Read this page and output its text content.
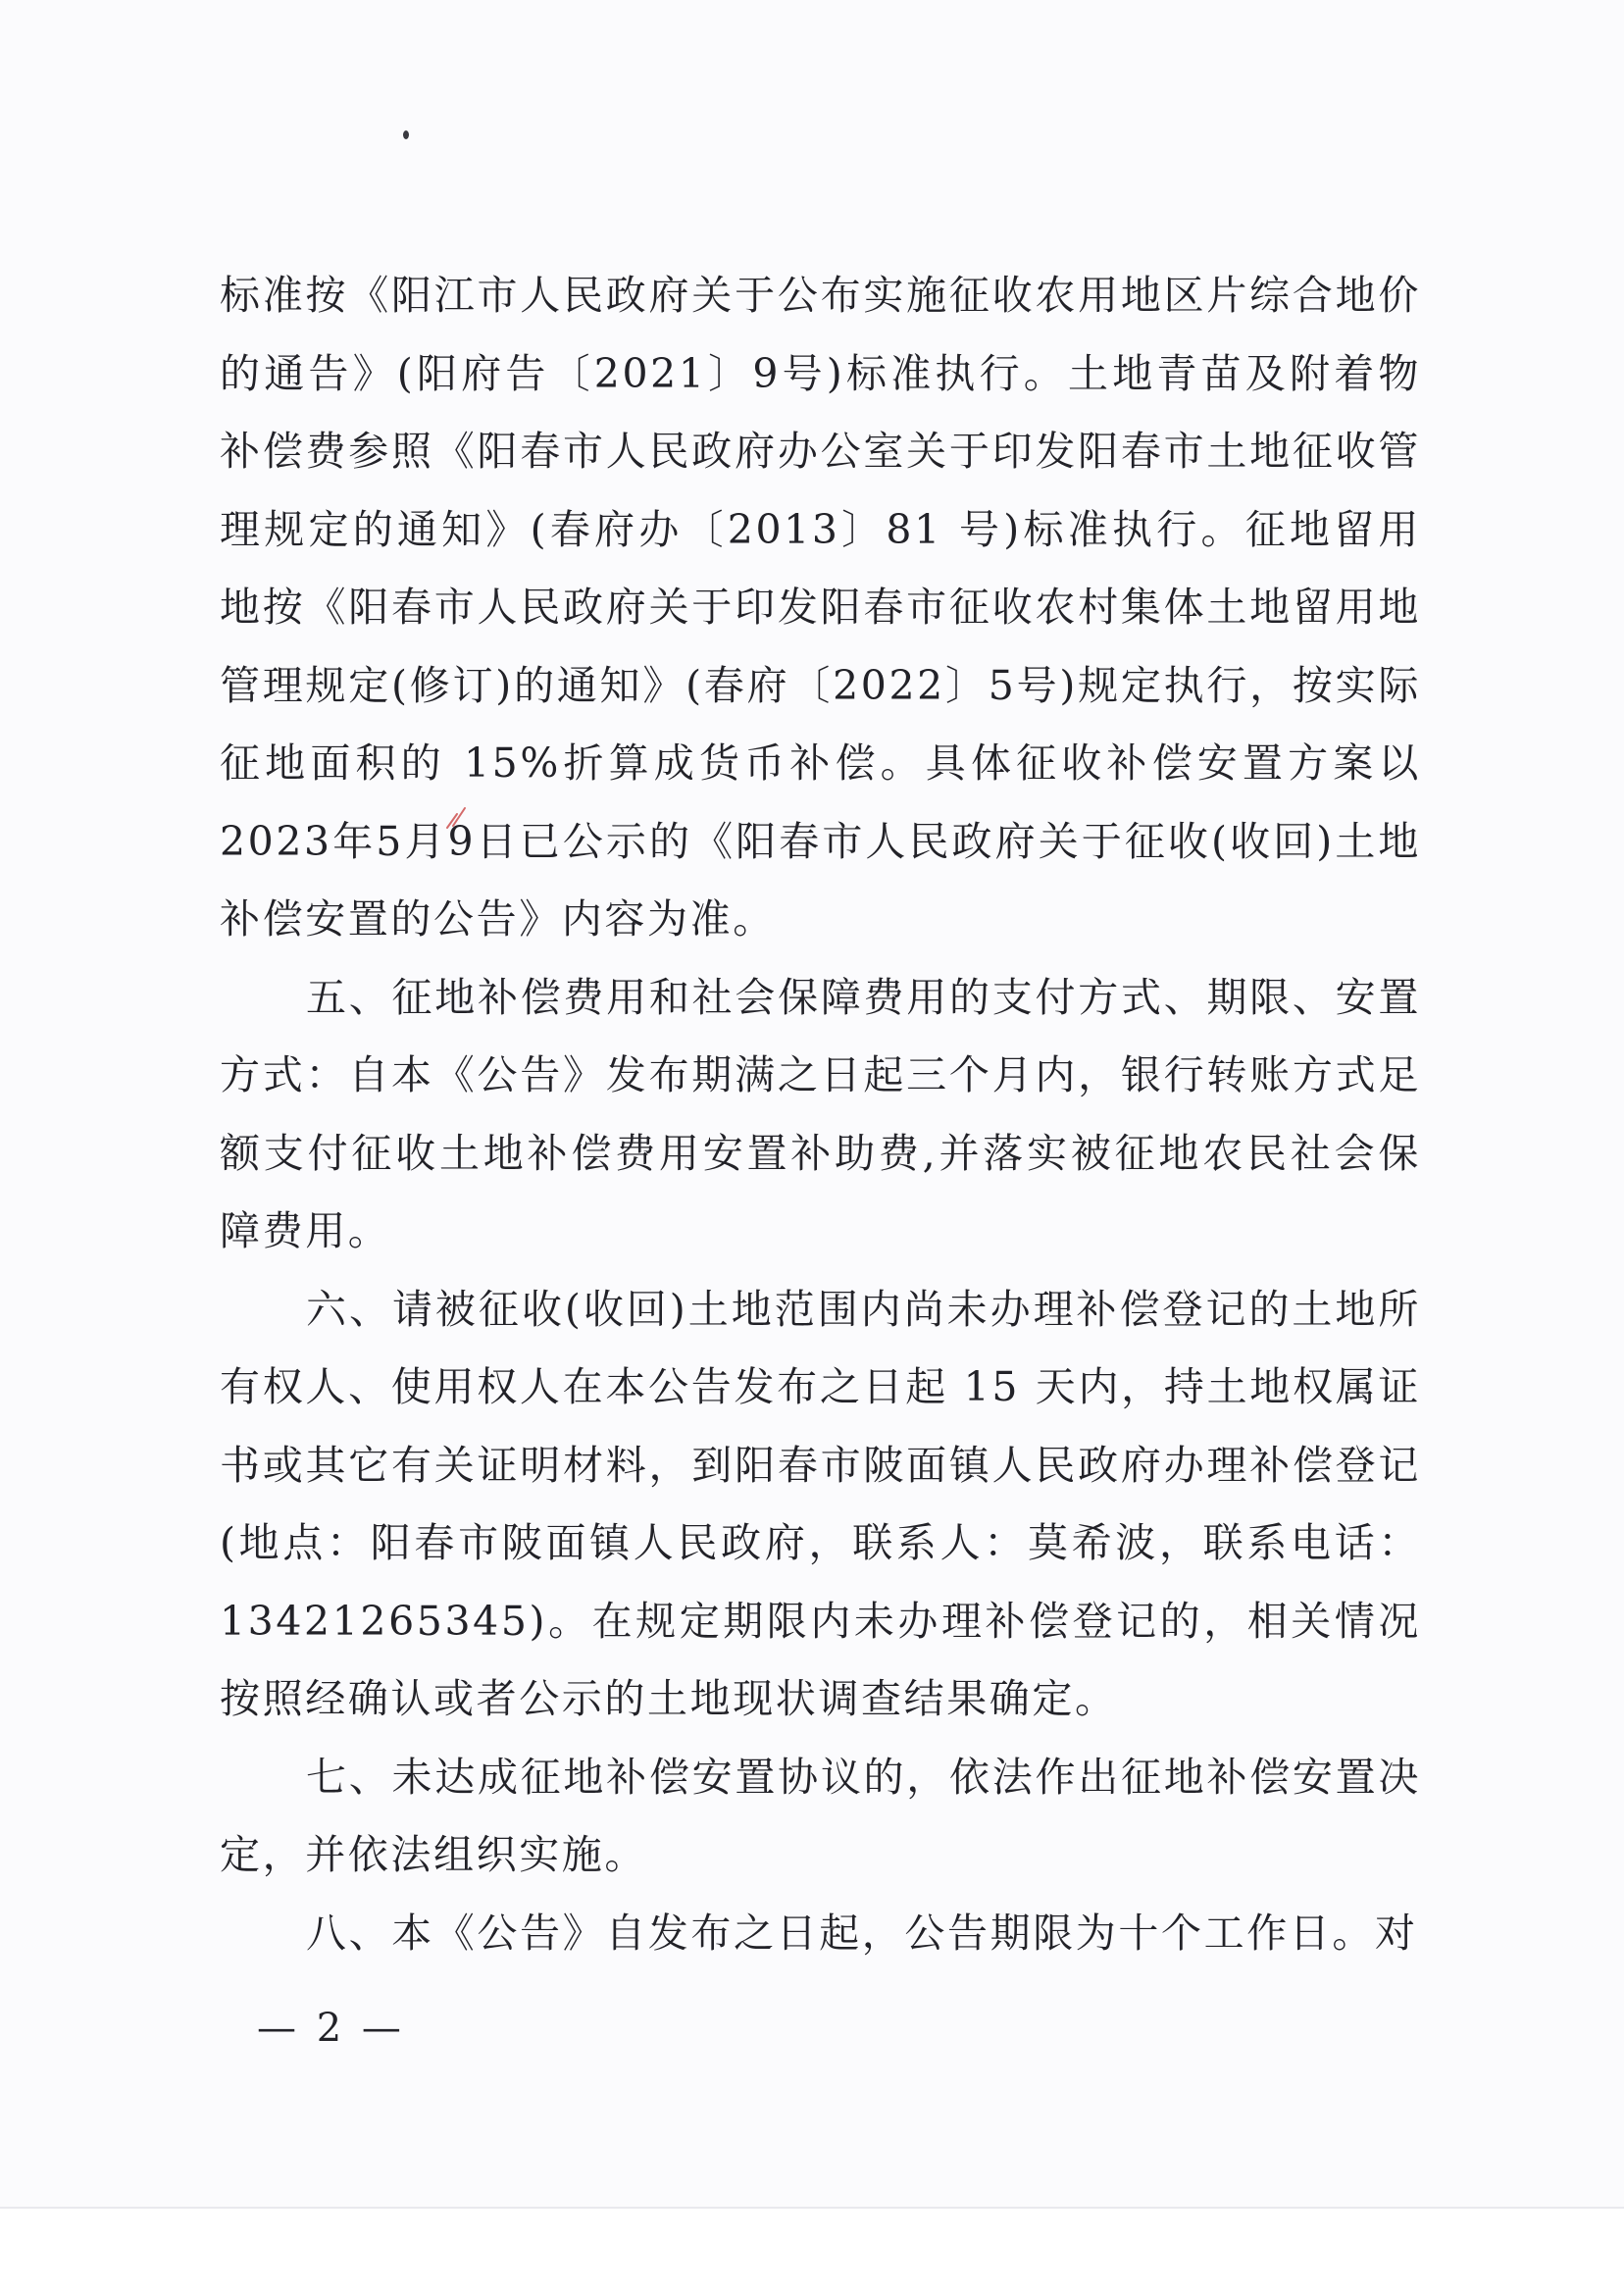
标准按《阳江市人民政府关于公布实施征收农用地区片综合地价的通告》(阳府告〔2021〕9号)标准执行。土地青苗及附着物补偿费参照《阳春市人民政府办公室关于印发阳春市土地征收管理规定的通知》(春府办〔2013〕81 号)标准执行。征地留用地按《阳春市人民政府关于印发阳春市征收农村集体土地留用地管理规定(修订)的通知》(春府〔2022〕5号)规定执行，按实际征地面积的 15%折算成货币补偿。具体征收补偿安置方案以 2023年5月9日已公示的《阳春市人民政府关于征收(收回)土地补偿安置的公告》内容为准。

五、征地补偿费用和社会保障费用的支付方式、期限、安置方式：自本《公告》发布期满之日起三个月内，银行转账方式足额支付征收土地补偿费用安置补助费,并落实被征地农民社会保障费用。

六、请被征收(收回)土地范围内尚未办理补偿登记的土地所有权人、使用权人在本公告发布之日起 15 天内，持土地权属证书或其它有关证明材料，到阳春市陂面镇人民政府办理补偿登记(地点：阳春市陂面镇人民政府，联系人：莫希波，联系电话：13421265345)。在规定期限内未办理补偿登记的，相关情况按照经确认或者公示的土地现状调查结果确定。

七、未达成征地补偿安置协议的，依法作出征地补偿安置决定，并依法组织实施。

八、本《公告》自发布之日起，公告期限为十个工作日。对

— 2 —
